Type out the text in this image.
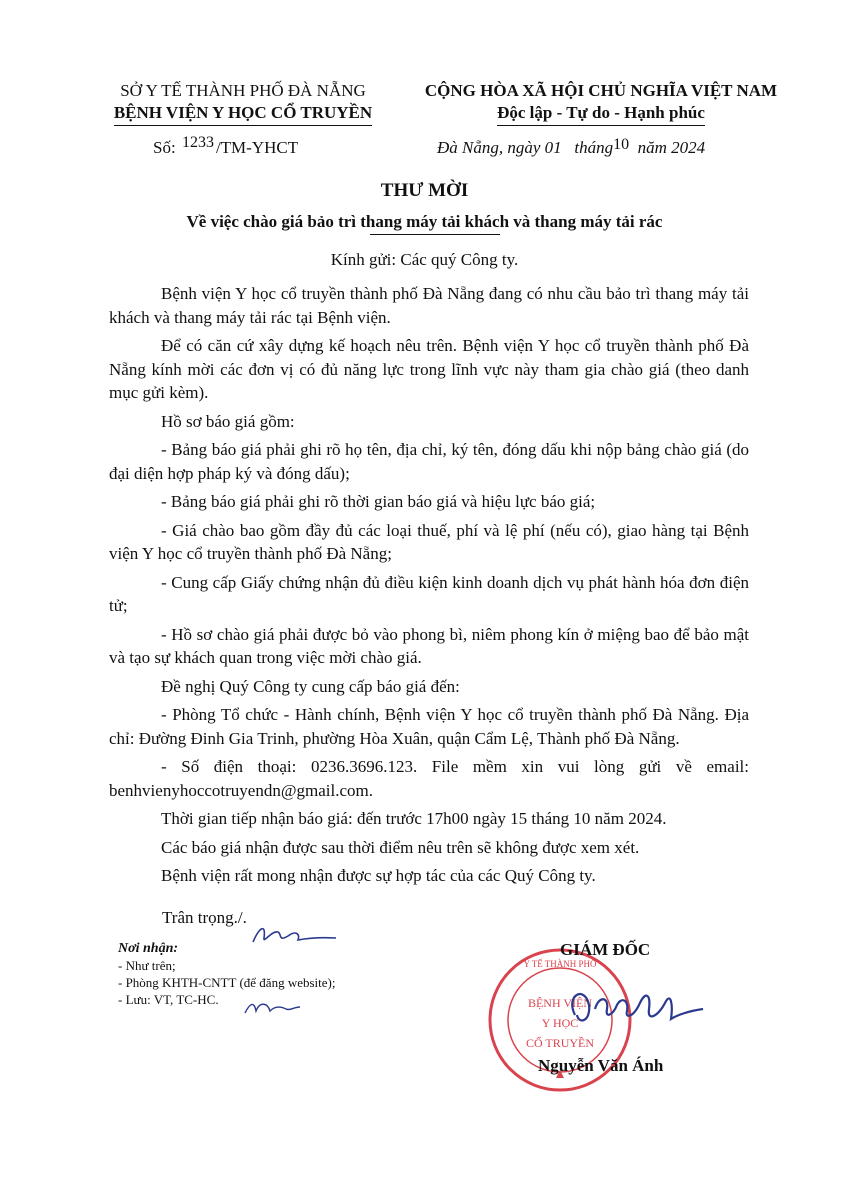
SỞ Y TẾ THÀNH PHỐ ĐÀ NẴNG
BỆNH VIỆN Y HỌC CỔ TRUYỀN
CỘNG HÒA XÃ HỘI CHỦ NGHĨA VIỆT NAM
Độc lập - Tự do - Hạnh phúc
Số: 1233 /TM-YHCT	Đà Nẵng, ngày 01   tháng10  năm 2024
THƯ MỜI
Về việc chào giá bảo trì thang máy tải khách và thang máy tải rác
Kính gửi: Các quý Công ty.

Bệnh viện Y học cổ truyền thành phố Đà Nẵng đang có nhu cầu bảo trì thang máy tải khách và thang máy tải rác tại Bệnh viện.

Để có căn cứ xây dựng kế hoạch nêu trên. Bệnh viện Y học cổ truyền thành phố Đà Nẵng kính mời các đơn vị có đủ năng lực trong lĩnh vực này tham gia chào giá (theo danh mục gửi kèm).

Hồ sơ báo giá gồm:

- Bảng báo giá phải ghi rõ họ tên, địa chỉ, ký tên, đóng dấu khi nộp bảng chào giá (do đại diện hợp pháp ký và đóng dấu);

- Bảng báo giá phải ghi rõ thời gian báo giá và hiệu lực báo giá;

- Giá chào bao gồm đầy đủ các loại thuế, phí và lệ phí (nếu có), giao hàng tại Bệnh viện Y học cổ truyền thành phố Đà Nẵng;

- Cung cấp Giấy chứng nhận đủ điều kiện kinh doanh dịch vụ phát hành hóa đơn điện tử;

- Hồ sơ chào giá phải được bỏ vào phong bì, niêm phong kín ở miệng bao để bảo mật và tạo sự khách quan trong việc mời chào giá.

Đề nghị Quý Công ty cung cấp báo giá đến:

- Phòng Tổ chức - Hành chính, Bệnh viện Y học cổ truyền thành phố Đà Nẵng. Địa chỉ: Đường Đinh Gia Trinh, phường Hòa Xuân, quận Cẩm Lệ, Thành phố Đà Nẵng.

- Số điện thoại: 0236.3696.123. File mềm xin vui lòng gửi về email: benhvienyhoccotruyendn@gmail.com.

Thời gian tiếp nhận báo giá: đến trước 17h00 ngày 15 tháng 10 năm 2024.

Các báo giá nhận được sau thời điểm nêu trên sẽ không được xem xét.

Bệnh viện rất mong nhận được sự hợp tác của các Quý Công ty.

Trân trọng./.
Nơi nhận:
- Như trên;
- Phòng KHTH-CNTT (để đăng website);
- Lưu: VT, TC-HC.
Y TẾ THÀNH PHỐ
BỆNH VIỆN
Y HỌC
CỔ TRUYỀN
GIÁM ĐỐC
Nguyễn Văn Ánh
